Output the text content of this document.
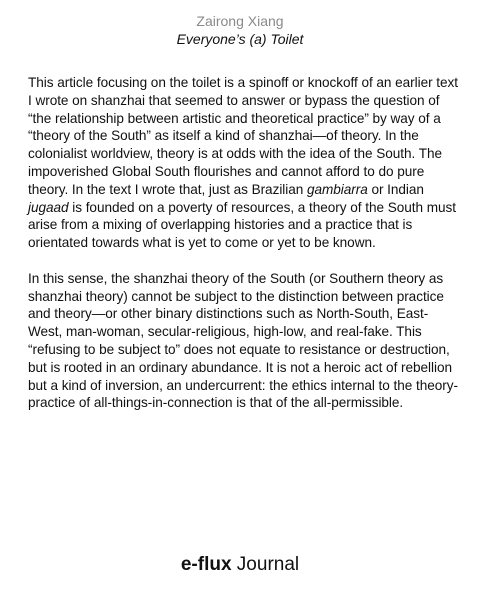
Zairong Xiang
Everyone’s (a) Toilet

This article focusing on the toilet is a spinoff or knockoff of an earlier text I wrote on shanzhai that seemed to answer or bypass the question of “the relationship between artistic and theoretical practice” by way of a “theory of the South” as itself a kind of shanzhai—of theory. In the colonialist worldview, theory is at odds with the idea of the South. The impoverished Global South flourishes and cannot afford to do pure theory. In the text I wrote that, just as Brazilian gambiarra or Indian jugaad is founded on a poverty of resources, a theory of the South must arise from a mixing of overlapping histories and a practice that is orientated towards what is yet to come or yet to be known.

In this sense, the shanzhai theory of the South (or Southern theory as shanzhai theory) cannot be subject to the distinction between practice and theory—or other binary distinctions such as North-South, East-West, man-woman, secular-religious, high-low, and real-fake. This “refusing to be subject to” does not equate to resistance or destruction, but is rooted in an ordinary abundance. It is not a heroic act of rebellion but a kind of inversion, an undercurrent: the ethics internal to the theory-practice of all-things-in-connection is that of the all-permissible.

e-flux Journal
